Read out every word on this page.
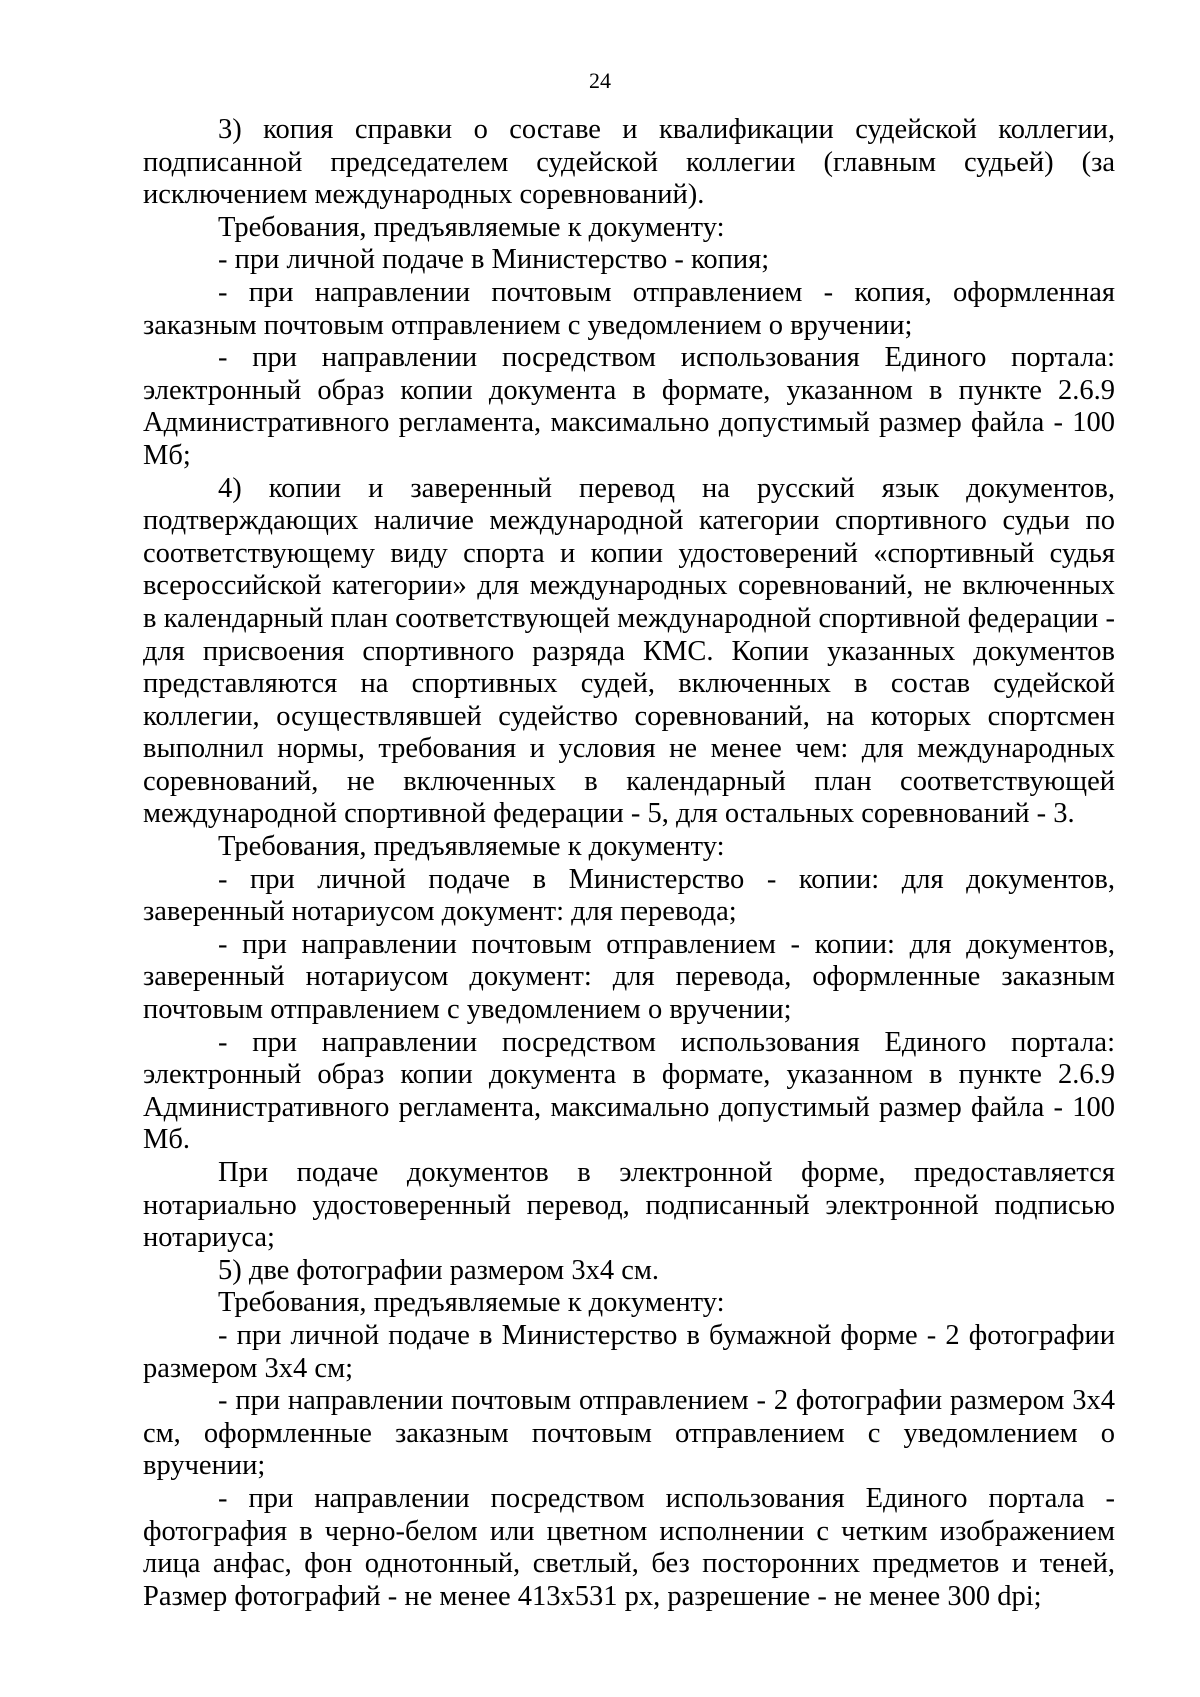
24

3) копия справки о составе и квалификации судейской коллегии, подписанной председателем судейской коллегии (главным судьей) (за исключением международных соревнований).

Требования, предъявляемые к документу:

- при личной подаче в Министерство - копия;

- при направлении почтовым отправлением - копия, оформленная заказным почтовым отправлением с уведомлением о вручении;

- при направлении посредством использования Единого портала: электронный образ копии документа в формате, указанном в пункте 2.6.9 Административного регламента, максимально допустимый размер файла - 100 Мб;

4) копии и заверенный перевод на русский язык документов, подтверждающих наличие международной категории спортивного судьи по соответствующему виду спорта и копии удостоверений «спортивный судья всероссийской категории» для международных соревнований, не включенных в календарный план соответствующей международной спортивной федерации - для присвоения спортивного разряда КМС. Копии указанных документов представляются на спортивных судей, включенных в состав судейской коллегии, осуществлявшей судейство соревнований, на которых спортсмен выполнил нормы, требования и условия не менее чем: для международных соревнований, не включенных в календарный план соответствующей международной спортивной федерации - 5, для остальных соревнований - 3.

Требования, предъявляемые к документу:

- при личной подаче в Министерство - копии: для документов, заверенный нотариусом документ: для перевода;

- при направлении почтовым отправлением - копии: для документов, заверенный нотариусом документ: для перевода, оформленные заказным почтовым отправлением с уведомлением о вручении;

- при направлении посредством использования Единого портала: электронный образ копии документа в формате, указанном в пункте 2.6.9 Административного регламента, максимально допустимый размер файла - 100 Мб.

При подаче документов в электронной форме, предоставляется нотариально удостоверенный перевод, подписанный электронной подписью нотариуса;

5) две фотографии размером 3x4 см.

Требования, предъявляемые к документу:

- при личной подаче в Министерство в бумажной форме - 2 фотографии размером 3x4 см;

- при направлении почтовым отправлением - 2 фотографии размером 3x4 см, оформленные заказным почтовым отправлением с уведомлением о вручении;

- при направлении посредством использования Единого портала - фотография в черно-белом или цветном исполнении с четким изображением лица анфас, фон однотонный, светлый, без посторонних предметов и теней, Размер фотографий - не менее 413x531 px, разрешение - не менее 300 dpi;
